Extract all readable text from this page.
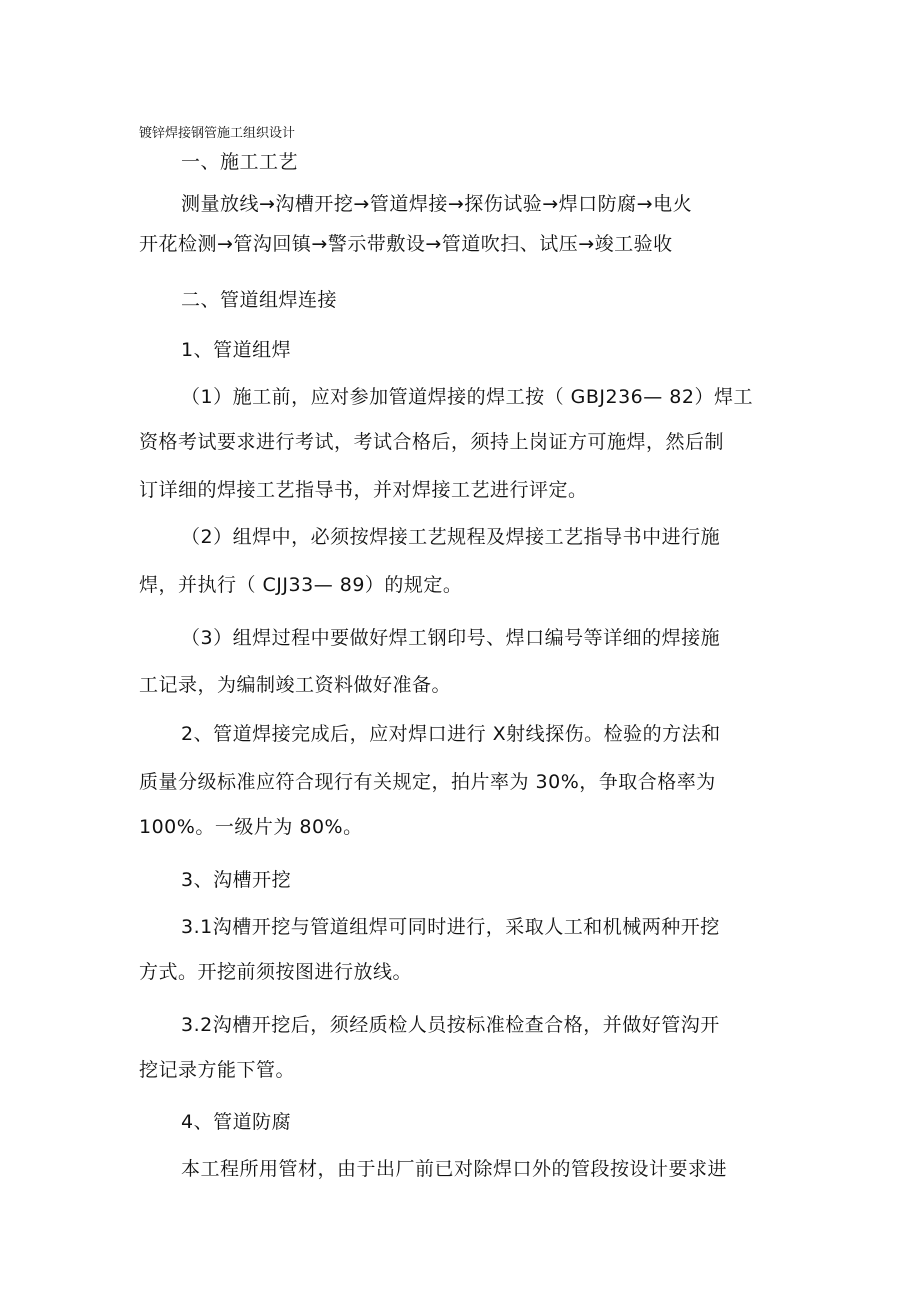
镀锌焊接钢管施工组织设计
一、施工工艺
测量放线→沟槽开挖→管道焊接→探伤试验→焊口防腐→电火
开花检测→管沟回镇→警示带敷设→管道吹扫、试压→竣工验收
二、管道组焊连接
1、管道组焊
（1）施工前，应对参加管道焊接的焊工按（ GBJ236— 82）焊工
资格考试要求进行考试，考试合格后，须持上岗证方可施焊，然后制
订详细的焊接工艺指导书，并对焊接工艺进行评定。
（2）组焊中，必须按焊接工艺规程及焊接工艺指导书中进行施
焊，并执行（ CJJ33— 89）的规定。
（3）组焊过程中要做好焊工钢印号、焊口编号等详细的焊接施
工记录，为编制竣工资料做好准备。
2、管道焊接完成后，应对焊口进行 X射线探伤。检验的方法和
质量分级标准应符合现行有关规定，拍片率为 30%，争取合格率为
100%。一级片为 80%。
3、沟槽开挖
3.1沟槽开挖与管道组焊可同时进行，采取人工和机械两种开挖
方式。开挖前须按图进行放线。
3.2沟槽开挖后，须经质检人员按标准检查合格，并做好管沟开
挖记录方能下管。
4、管道防腐
本工程所用管材，由于出厂前已对除焊口外的管段按设计要求进
